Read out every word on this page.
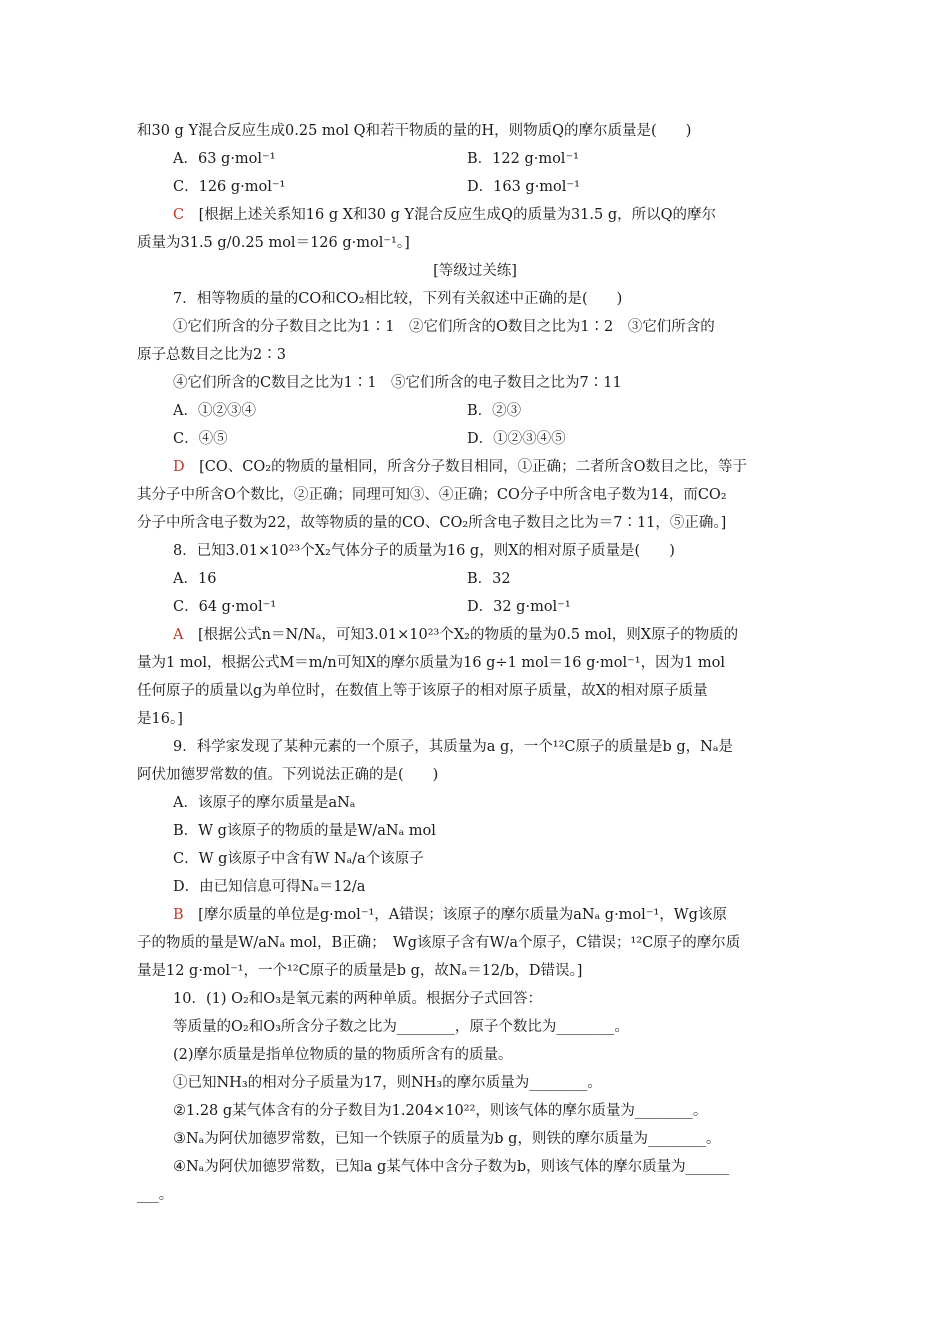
和30 g Y混合反应生成0.25 mol Q和若干物质的量的H，则物质Q的摩尔质量是(　　)
A．63 g·mol⁻¹	B．122 g·mol⁻¹
C．126 g·mol⁻¹	D．163 g·mol⁻¹
C　 [根据上述关系知16 g X和30 g Y混合反应生成Q的质量为31.5 g，所以Q的摩尔
质量为31.5 g/0.25 mol＝126 g·mol⁻¹。]
[等级过关练]
7．相等物质的量的CO和CO₂相比较，下列有关叙述中正确的是(　　)
①它们所含的分子数目之比为1∶1　②它们所含的O数目之比为1∶2　③它们所含的
原子总数目之比为2∶3
④它们所含的C数目之比为1∶1　⑤它们所含的电子数目之比为7∶11
A．①②③④	B．②③
C．④⑤	D．①②③④⑤
D　 [CO、CO₂的物质的量相同，所含分子数目相同，①正确；二者所含O数目之比，等于
其分子中所含O个数比，②正确；同理可知③、④正确；CO分子中所含电子数为14，而CO₂
分子中所含电子数为22，故等物质的量的CO、CO₂所含电子数目之比为＝7∶11，⑤正确。]
8．已知3.01×10²³个X₂气体分子的质量为16 g，则X的相对原子质量是(　　)
A．16	B．32
C．64 g·mol⁻¹	D．32 g·mol⁻¹
A　 [根据公式n＝N/Nₐ，可知3.01×10²³个X₂的物质的量为0.5 mol，则X原子的物质的
量为1 mol，根据公式M＝m/n可知X的摩尔质量为16 g÷1 mol＝16 g·mol⁻¹，因为1 mol
任何原子的质量以g为单位时，在数值上等于该原子的相对原子质量，故X的相对原子质量
是16。]
9．科学家发现了某种元素的一个原子，其质量为a g，一个¹²C原子的质量是b g，Nₐ是
阿伏加德罗常数的值。下列说法正确的是(　　)
A．该原子的摩尔质量是aNₐ
B．W g该原子的物质的量是W/aNₐ mol
C．W g该原子中含有W Nₐ/a个该原子
D．由已知信息可得Nₐ＝12/a
B　 [摩尔质量的单位是g·mol⁻¹，A错误；该原子的摩尔质量为aNₐ g·mol⁻¹，Wg该原
子的物质的量是W/aNₐ mol，B正确；　Wg该原子含有W/a个原子，C错误；¹²C原子的摩尔质
量是12 g·mol⁻¹，一个¹²C原子的质量是b g，故Nₐ＝12/b，D错误。]
10．(1) O₂和O₃是氧元素的两种单质。根据分子式回答：
等质量的O₂和O₃所含分子数之比为________，原子个数比为________。
(2)摩尔质量是指单位物质的量的物质所含有的质量。
①已知NH₃的相对分子质量为17，则NH₃的摩尔质量为________。
②1.28 g某气体含有的分子数目为1.204×10²²，则该气体的摩尔质量为________。
③Nₐ为阿伏加德罗常数，已知一个铁原子的质量为b g，则铁的摩尔质量为________。
④Nₐ为阿伏加德罗常数，已知a g某气体中含分子数为b，则该气体的摩尔质量为______
___。
